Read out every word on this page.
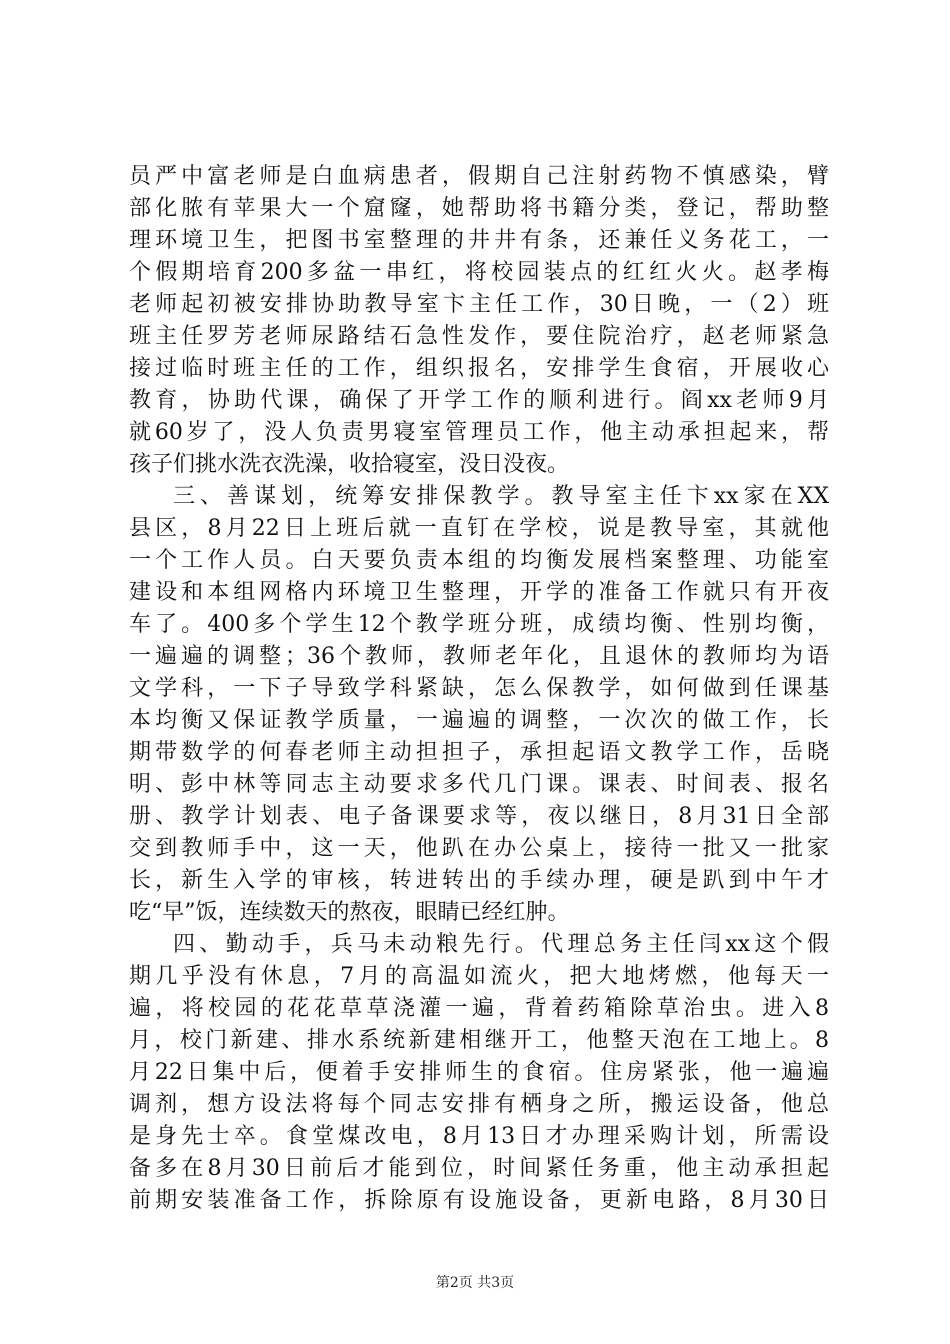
员严中富老师是白血病患者，假期自己注射药物不慎感染，臂
部化脓有苹果大一个窟窿，她帮助将书籍分类，登记，帮助整
理环境卫生，把图书室整理的井井有条，还兼任义务花工，一
个假期培育200多盆一串红，将校园装点的红红火火。赵孝梅
老师起初被安排协助教导室卞主任工作，30日晚，一（2）班
班主任罗芳老师尿路结石急性发作，要住院治疗，赵老师紧急
接过临时班主任的工作，组织报名，安排学生食宿，开展收心
教育，协助代课，确保了开学工作的顺利进行。阎xx老师9月
就60岁了，没人负责男寝室管理员工作，他主动承担起来，帮
孩子们挑水洗衣洗澡，收拾寝室，没日没夜。
三、善谋划，统筹安排保教学。教导室主任卞xx家在XX
县区，8月22日上班后就一直钉在学校，说是教导室，其就他
一个工作人员。白天要负责本组的均衡发展档案整理、功能室
建设和本组网格内环境卫生整理，开学的准备工作就只有开夜
车了。400多个学生12个教学班分班，成绩均衡、性别均衡，
一遍遍的调整；36个教师，教师老年化，且退休的教师均为语
文学科，一下子导致学科紧缺，怎么保教学，如何做到任课基
本均衡又保证教学质量，一遍遍的调整，一次次的做工作，长
期带数学的何春老师主动担担子，承担起语文教学工作，岳晓
明、彭中林等同志主动要求多代几门课。课表、时间表、报名
册、教学计划表、电子备课要求等，夜以继日，8月31日全部
交到教师手中，这一天，他趴在办公桌上，接待一批又一批家
长，新生入学的审核，转进转出的手续办理，硬是趴到中午才
吃“早”饭，连续数天的熬夜，眼睛已经红肿。
四、勤动手，兵马未动粮先行。代理总务主任闫xx这个假
期几乎没有休息，7月的高温如流火，把大地烤燃，他每天一
遍，将校园的花花草草浇灌一遍，背着药箱除草治虫。进入8
月，校门新建、排水系统新建相继开工，他整天泡在工地上。8
月22日集中后，便着手安排师生的食宿。住房紧张，他一遍遍
调剂，想方设法将每个同志安排有栖身之所，搬运设备，他总
是身先士卒。食堂煤改电，8月13日才办理采购计划，所需设
备多在8月30日前后才能到位，时间紧任务重，他主动承担起
前期安装准备工作，拆除原有设施设备，更新电路，8月30日
第2页 共3页
